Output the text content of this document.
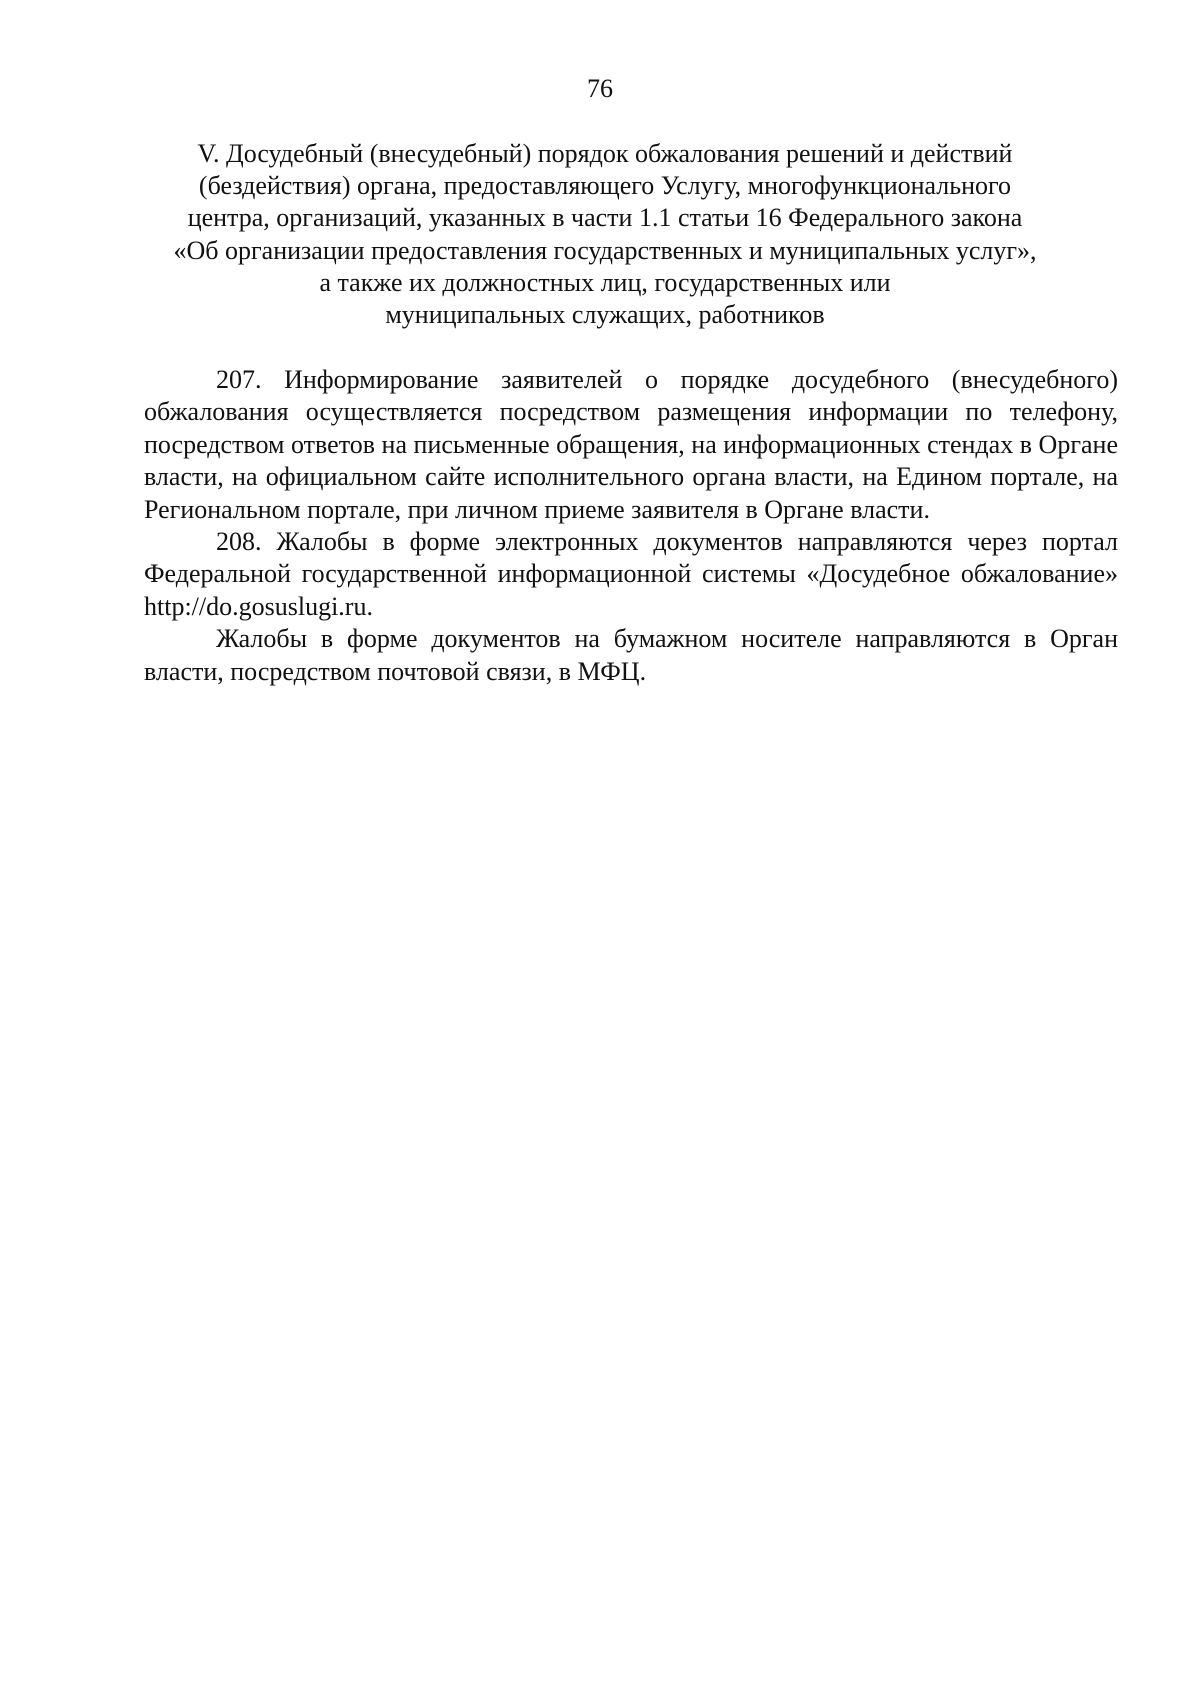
76
V. Досудебный (внесудебный) порядок обжалования решений и действий
(бездействия) органа, предоставляющего Услугу, многофункционального
центра, организаций, указанных в части 1.1 статьи 16 Федерального закона
«Об организации предоставления государственных и муниципальных услуг»,
а также их должностных лиц, государственных или
муниципальных служащих, работников

207. Информирование заявителей о порядке досудебного (внесудебного) обжалования осуществляется посредством размещения информации по телефону, посредством ответов на письменные обращения, на информационных стендах в Органе власти, на официальном сайте исполнительного органа власти, на Едином портале, на Региональном портале, при личном приеме заявителя в Органе власти.

208. Жалобы в форме электронных документов направляются через портал Федеральной государственной информационной системы «Досудебное обжалование» http://do.gosuslugi.ru.

Жалобы в форме документов на бумажном носителе направляются в Орган власти, посредством почтовой связи, в МФЦ.
